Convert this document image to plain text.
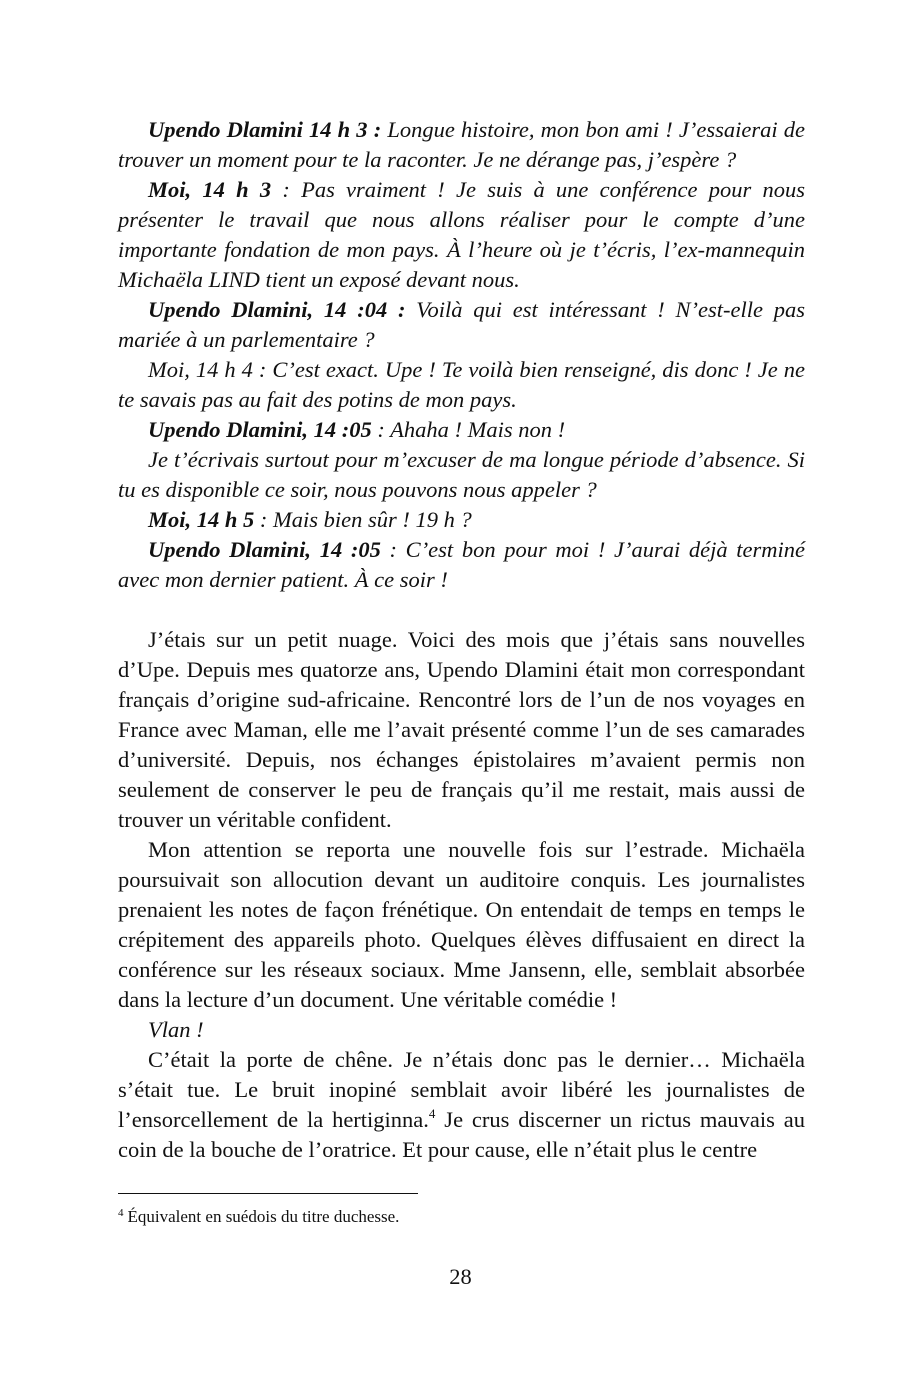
Upendo Dlamini 14 h 3 : Longue histoire, mon bon ami ! J’essaierai de trouver un moment pour te la raconter. Je ne dérange pas, j’espère ?

Moi, 14 h 3 : Pas vraiment ! Je suis à une conférence pour nous présenter le travail que nous allons réaliser pour le compte d’une importante fondation de mon pays. À l’heure où je t’écris, l’ex-mannequin Michaëla LIND tient un exposé devant nous.

Upendo Dlamini, 14 :04 : Voilà qui est intéressant ! N’est-elle pas mariée à un parlementaire ?

Moi, 14 h 4 : C’est exact. Upe ! Te voilà bien renseigné, dis donc ! Je ne te savais pas au fait des potins de mon pays.

Upendo Dlamini, 14 :05 : Ahaha ! Mais non !

Je t’écrivais surtout pour m’excuser de ma longue période d’absence. Si tu es disponible ce soir, nous pouvons nous appeler ?

Moi, 14 h 5 : Mais bien sûr ! 19 h ?

Upendo Dlamini, 14 :05 : C’est bon pour moi ! J’aurai déjà terminé avec mon dernier patient. À ce soir !

J’étais sur un petit nuage. Voici des mois que j’étais sans nouvelles d’Upe. Depuis mes quatorze ans, Upendo Dlamini était mon correspondant français d’origine sud-africaine. Rencontré lors de l’un de nos voyages en France avec Maman, elle me l’avait présenté comme l’un de ses camarades d’université. Depuis, nos échanges épistolaires m’avaient permis non seulement de conserver le peu de français qu’il me restait, mais aussi de trouver un véritable confident.

Mon attention se reporta une nouvelle fois sur l’estrade. Michaëla poursuivait son allocution devant un auditoire conquis. Les journalistes prenaient les notes de façon frénétique. On entendait de temps en temps le crépitement des appareils photo. Quelques élèves diffusaient en direct la conférence sur les réseaux sociaux. Mme Jansenn, elle, semblait absorbée dans la lecture d’un document. Une véritable comédie !

Vlan !

C’était la porte de chêne. Je n’étais donc pas le dernier… Michaëla s’était tue. Le bruit inopiné semblait avoir libéré les journalistes de l’ensorcellement de la hertiginna.$^4$ Je crus discerner un rictus mauvais au coin de la bouche de l’oratrice. Et pour cause, elle n’était plus le centre

$^4$ Équivalent en suédois du titre duchesse.
28
